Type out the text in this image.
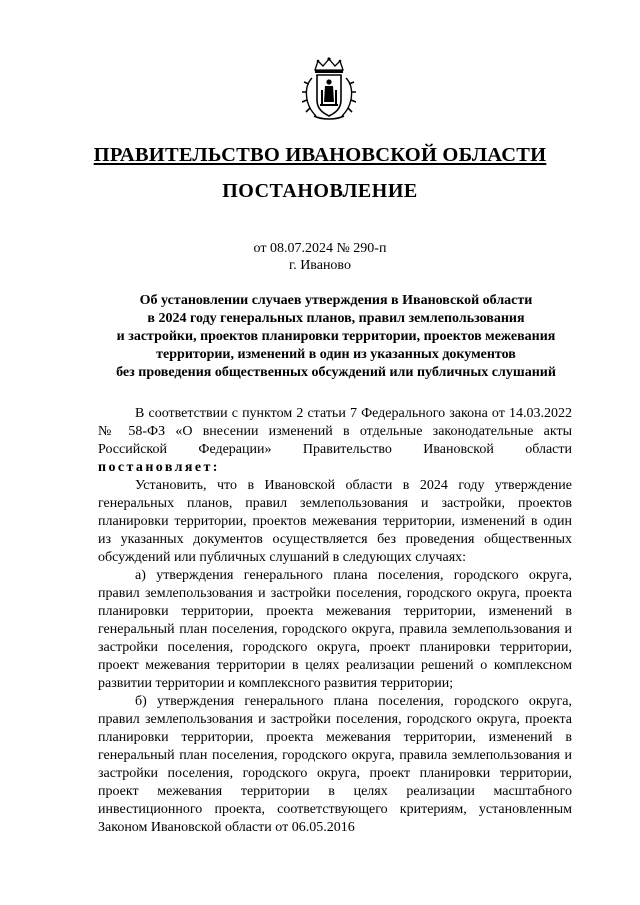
ПРАВИТЕЛЬСТВО ИВАНОВСКОЙ ОБЛАСТИ
ПОСТАНОВЛЕНИЕ
от 08.07.2024 № 290-п
г. Иваново
Об установлении случаев утверждения в Ивановской области
в 2024 году генеральных планов, правил землепользования
и застройки, проектов планировки территории, проектов межевания
территории, изменений в один из указанных документов
без проведения общественных обсуждений или публичных слушаний

В соответствии с пунктом 2 статьи 7 Федерального закона от 14.03.2022 № 58-ФЗ «О внесении изменений в отдельные законодательные акты Российской Федерации» Правительство Ивановской области постановляет:

Установить, что в Ивановской области в 2024 году утверждение генеральных планов, правил землепользования и застройки, проектов планировки территории, проектов межевания территории, изменений в один из указанных документов осуществляется без проведения общественных обсуждений или публичных слушаний в следующих случаях:

а) утверждения генерального плана поселения, городского округа, правил землепользования и застройки поселения, городского округа, проекта планировки территории, проекта межевания территории, изменений в генеральный план поселения, городского округа, правила землепользования и застройки поселения, городского округа, проект планировки территории, проект межевания территории в целях реализации решений о комплексном развитии территории и комплексного развития территории;

б) утверждения генерального плана поселения, городского округа, правил землепользования и застройки поселения, городского округа, проекта планировки территории, проекта межевания территории, изменений в генеральный план поселения, городского округа, правила землепользования и застройки поселения, городского округа, проект планировки территории, проект межевания территории в целях реализации масштабного инвестиционного проекта, соответствующего критериям, установленным Законом Ивановской области от 06.05.2016
